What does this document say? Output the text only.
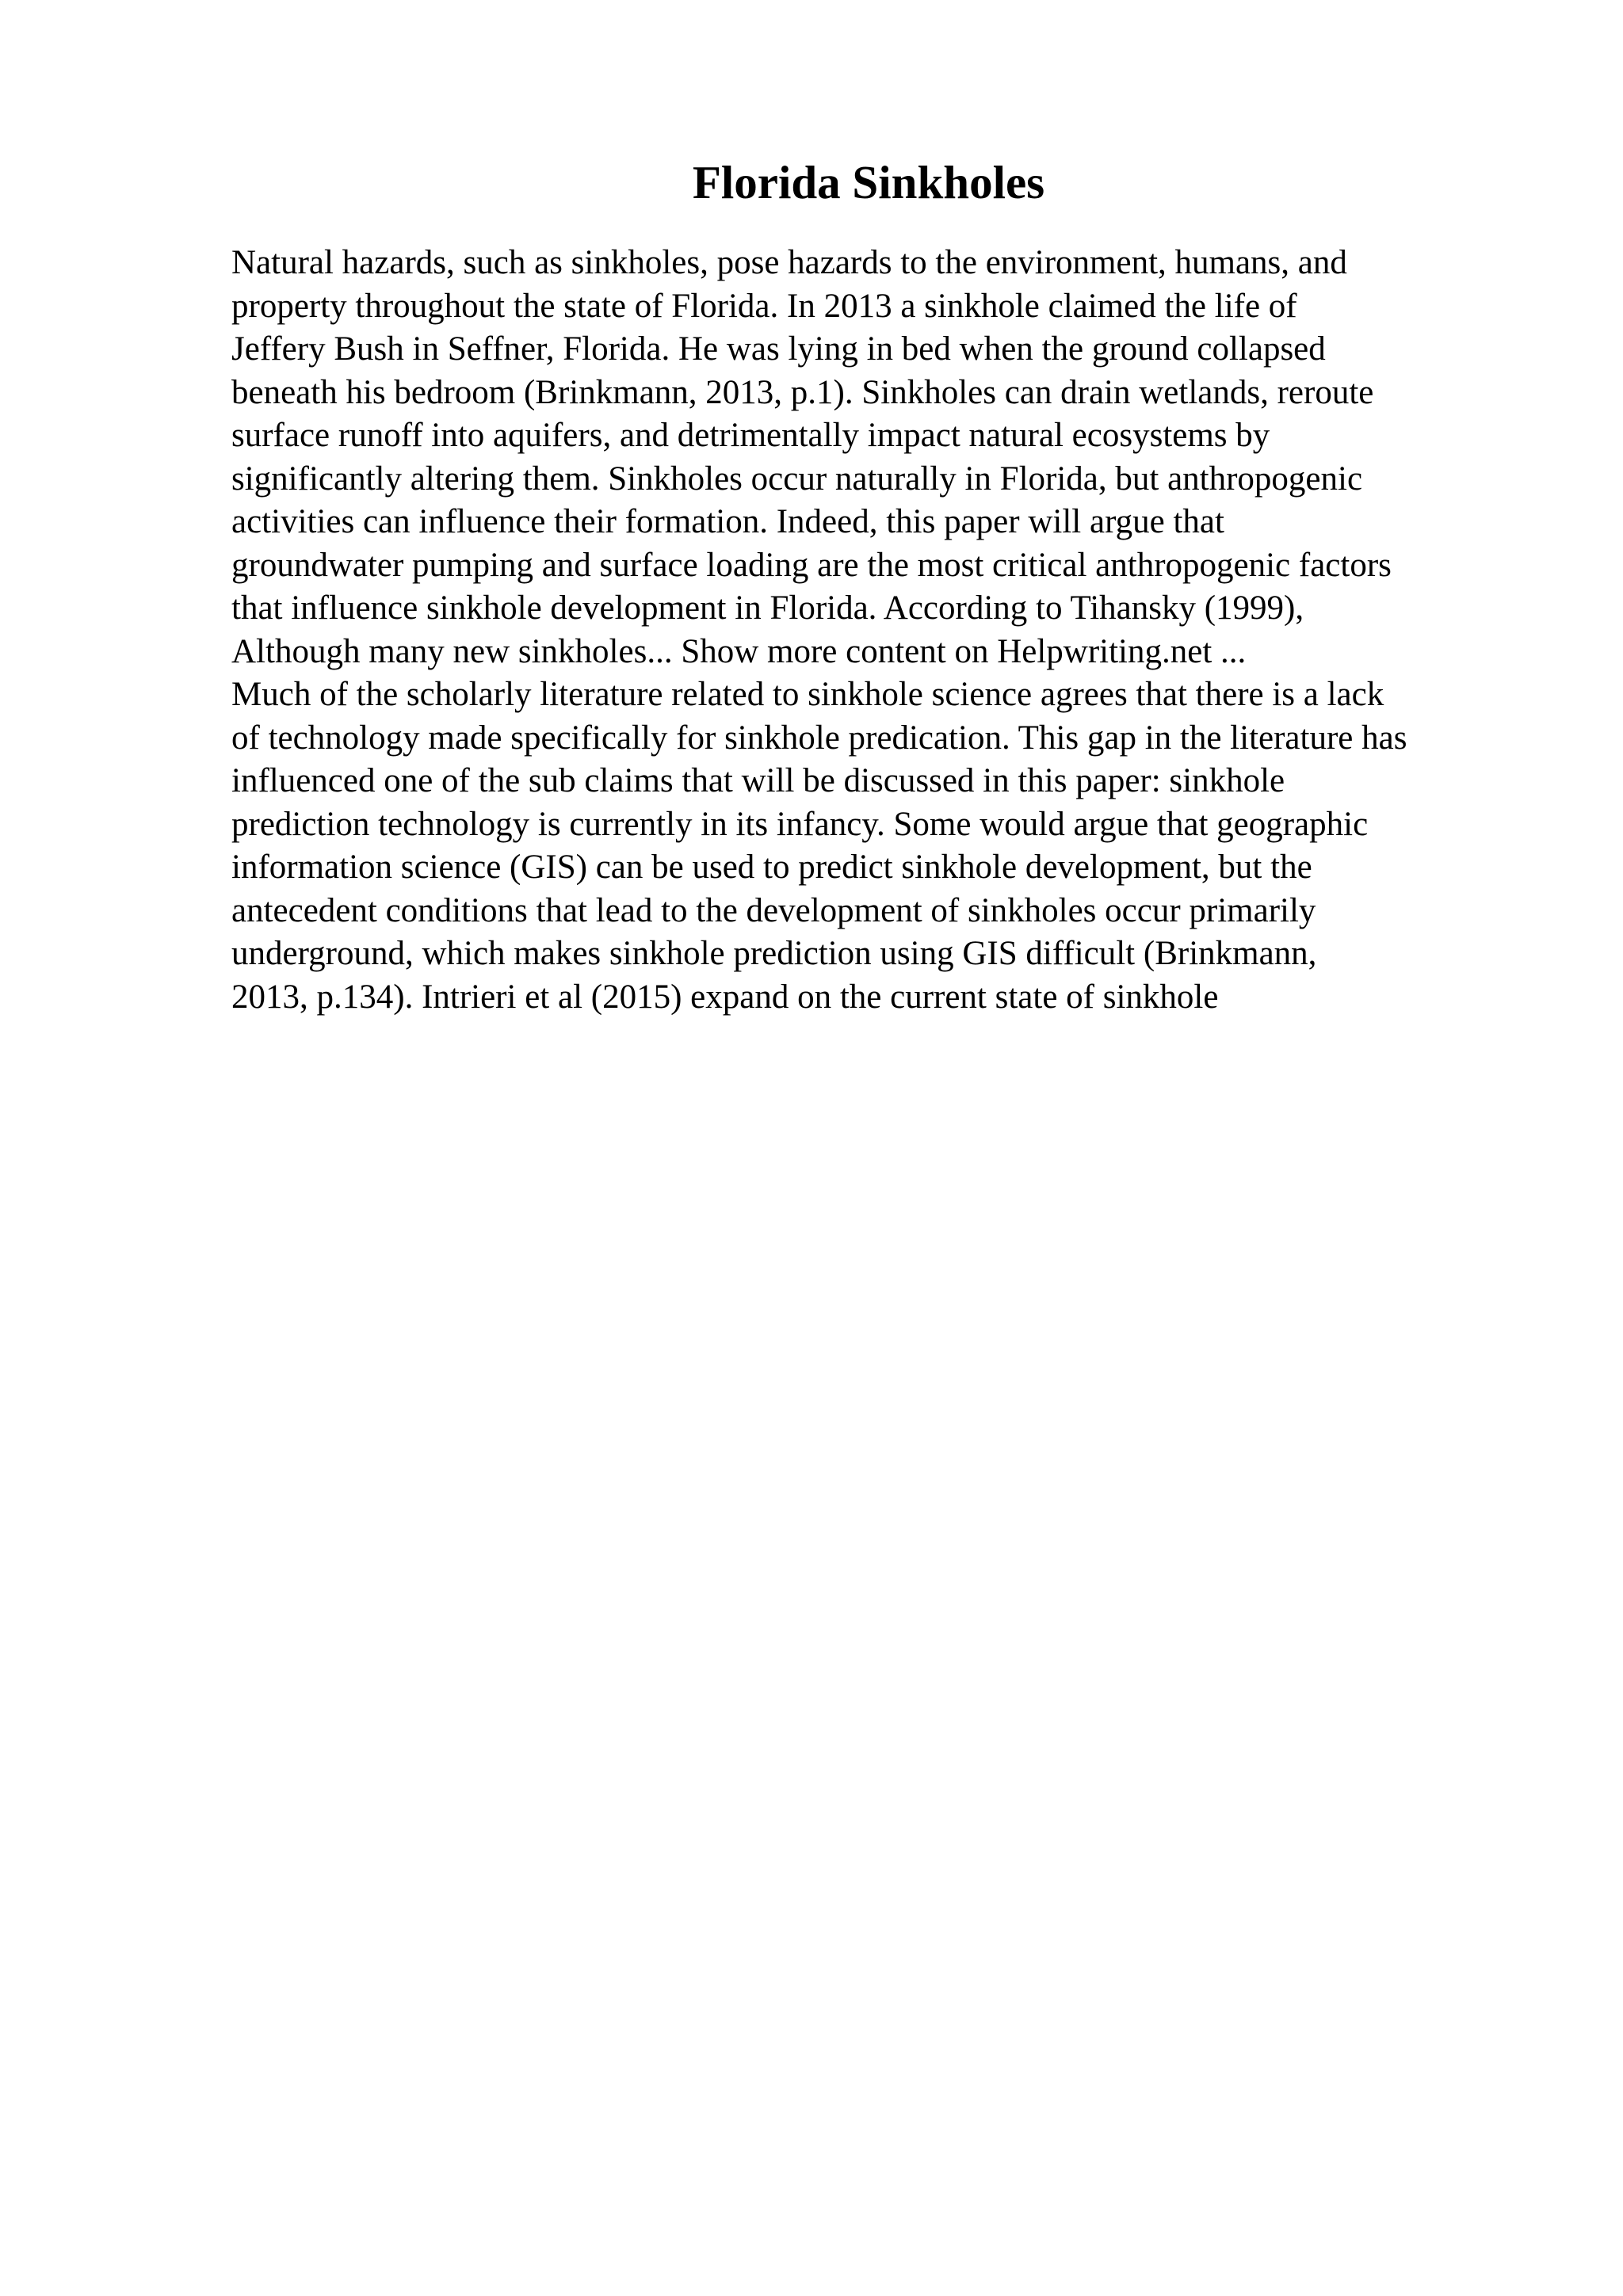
Florida Sinkholes
Natural hazards, such as sinkholes, pose hazards to the environment, humans, and
property throughout the state of Florida. In 2013 a sinkhole claimed the life of
Jeffery Bush in Seffner, Florida. He was lying in bed when the ground collapsed
beneath his bedroom (Brinkmann, 2013, p.1). Sinkholes can drain wetlands, reroute
surface runoff into aquifers, and detrimentally impact natural ecosystems by
significantly altering them. Sinkholes occur naturally in Florida, but anthropogenic
activities can influence their formation. Indeed, this paper will argue that
groundwater pumping and surface loading are the most critical anthropogenic factors
that influence sinkhole development in Florida. According to Tihansky (1999),
Although many new sinkholes... Show more content on Helpwriting.net ...
Much of the scholarly literature related to sinkhole science agrees that there is a lack
of technology made specifically for sinkhole predication. This gap in the literature has
influenced one of the sub claims that will be discussed in this paper: sinkhole
prediction technology is currently in its infancy. Some would argue that geographic
information science (GIS) can be used to predict sinkhole development, but the
antecedent conditions that lead to the development of sinkholes occur primarily
underground, which makes sinkhole prediction using GIS difficult (Brinkmann,
2013, p.134). Intrieri et al (2015) expand on the current state of sinkhole
